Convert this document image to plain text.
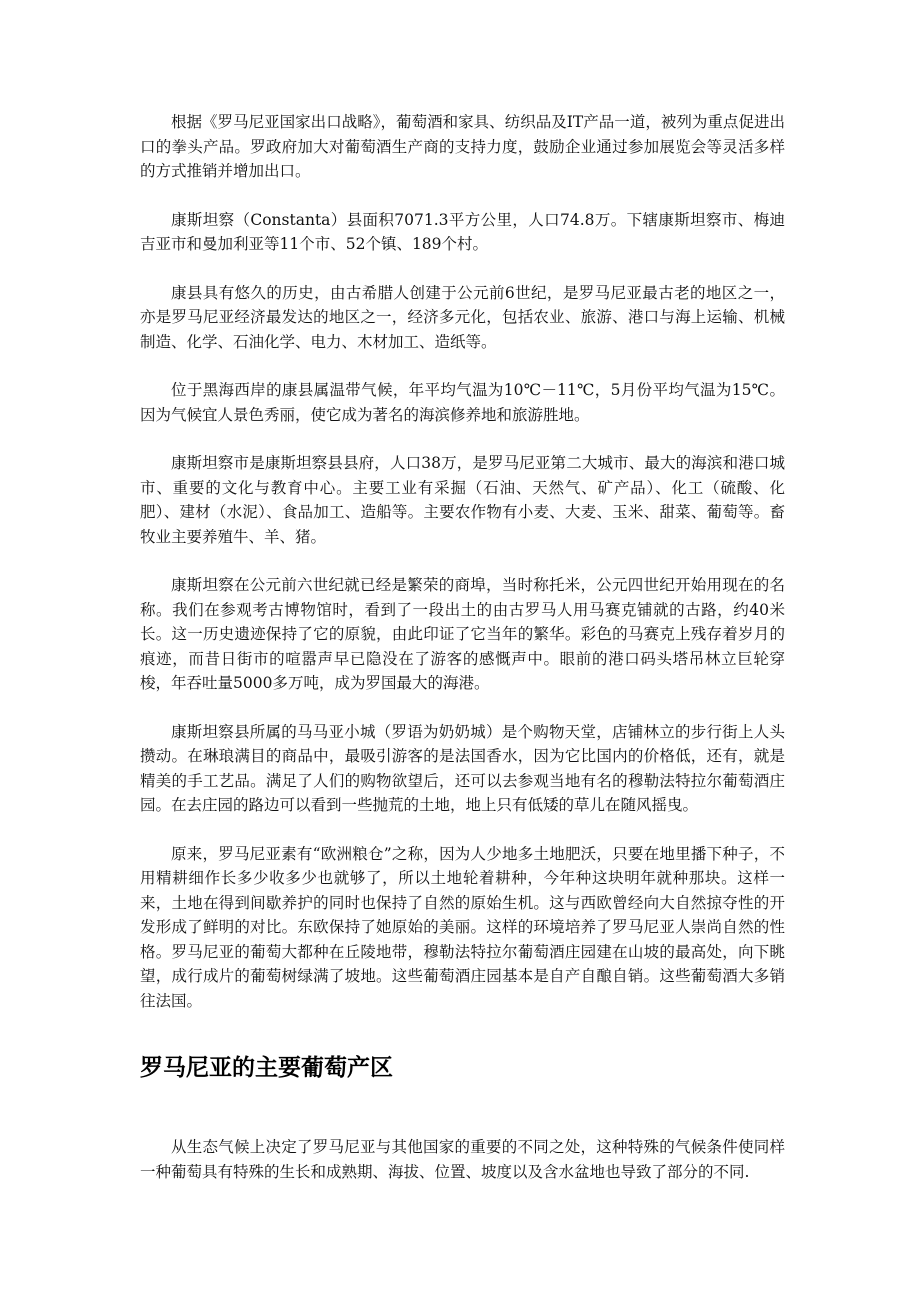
根据《罗马尼亚国家出口战略》，葡萄酒和家具、纺织品及IT产品一道，被列为重点促进出口的拳头产品。罗政府加大对葡萄酒生产商的支持力度，鼓励企业通过参加展览会等灵活多样的方式推销并增加出口。

康斯坦察（Constanta）县面积7071.3平方公里，人口74.8万。下辖康斯坦察市、梅迪吉亚市和曼加利亚等11个市、52个镇、189个村。

康县具有悠久的历史，由古希腊人创建于公元前6世纪，是罗马尼亚最古老的地区之一，亦是罗马尼亚经济最发达的地区之一，经济多元化，包括农业、旅游、港口与海上运输、机械制造、化学、石油化学、电力、木材加工、造纸等。

位于黑海西岸的康县属温带气候，年平均气温为10℃－11℃，5月份平均气温为15℃。因为气候宜人景色秀丽，使它成为著名的海滨修养地和旅游胜地。

康斯坦察市是康斯坦察县县府，人口38万，是罗马尼亚第二大城市、最大的海滨和港口城市、重要的文化与教育中心。主要工业有采掘（石油、天然气、矿产品）、化工（硫酸、化肥）、建材（水泥）、食品加工、造船等。主要农作物有小麦、大麦、玉米、甜菜、葡萄等。畜牧业主要养殖牛、羊、猪。

康斯坦察在公元前六世纪就已经是繁荣的商埠，当时称托米，公元四世纪开始用现在的名称。我们在参观考古博物馆时，看到了一段出土的由古罗马人用马赛克铺就的古路，约40米长。这一历史遗迹保持了它的原貌，由此印证了它当年的繁华。彩色的马赛克上残存着岁月的痕迹，而昔日街市的喧嚣声早已隐没在了游客的感慨声中。眼前的港口码头塔吊林立巨轮穿梭，年吞吐量5000多万吨，成为罗国最大的海港。

康斯坦察县所属的马马亚小城（罗语为奶奶城）是个购物天堂，店铺林立的步行街上人头攒动。在琳琅满目的商品中，最吸引游客的是法国香水，因为它比国内的价格低，还有，就是精美的手工艺品。满足了人们的购物欲望后，还可以去参观当地有名的穆勒法特拉尔葡萄酒庄园。在去庄园的路边可以看到一些抛荒的土地，地上只有低矮的草儿在随风摇曳。

原来，罗马尼亚素有“欧洲粮仓”之称，因为人少地多土地肥沃，只要在地里播下种子，不用精耕细作长多少收多少也就够了，所以土地轮着耕种，今年种这块明年就种那块。这样一来，土地在得到间歇养护的同时也保持了自然的原始生机。这与西欧曾经向大自然掠夺性的开发形成了鲜明的对比。东欧保持了她原始的美丽。这样的环境培养了罗马尼亚人崇尚自然的性格。罗马尼亚的葡萄大都种在丘陵地带，穆勒法特拉尔葡萄酒庄园建在山坡的最高处，向下眺望，成行成片的葡萄树绿满了坡地。这些葡萄酒庄园基本是自产自酿自销。这些葡萄酒大多销往法国。

罗马尼亚的主要葡萄产区

从生态气候上决定了罗马尼亚与其他国家的重要的不同之处，这种特殊的气候条件使同样一种葡萄具有特殊的生长和成熟期、海拔、位置、坡度以及含水盆地也导致了部分的不同.
